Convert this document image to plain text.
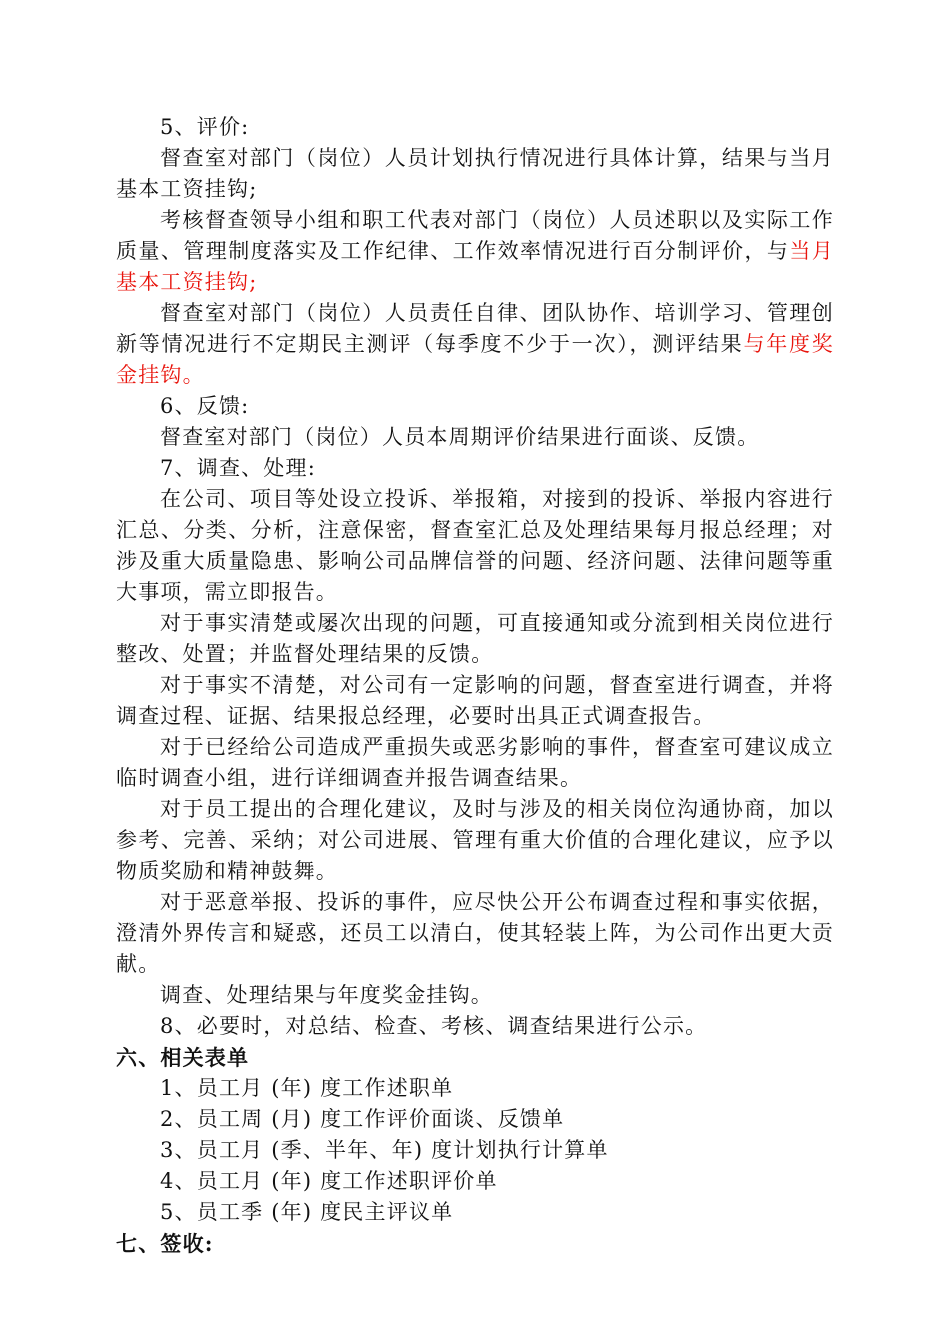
5、评价:

督查室对部门（岗位）人员计划执行情况进行具体计算，结果与当月基本工资挂钩;

考核督查领导小组和职工代表对部门（岗位）人员述职以及实际工作质量、管理制度落实及工作纪律、工作效率情况进行百分制评价，与当月基本工资挂钩;

督查室对部门（岗位）人员责任自律、团队协作、培训学习、管理创新等情况进行不定期民主测评（每季度不少于一次），测评结果与年度奖金挂钩。

6、反馈:

督查室对部门（岗位）人员本周期评价结果进行面谈、反馈。

7、调查、处理:

在公司、项目等处设立投诉、举报箱，对接到的投诉、举报内容进行汇总、分类、分析，注意保密，督查室汇总及处理结果每月报总经理；对涉及重大质量隐患、影响公司品牌信誉的问题、经济问题、法律问题等重大事项，需立即报告。

对于事实清楚或屡次出现的问题，可直接通知或分流到相关岗位进行整改、处置；并监督处理结果的反馈。

对于事实不清楚，对公司有一定影响的问题，督查室进行调查，并将调查过程、证据、结果报总经理，必要时出具正式调查报告。

对于已经给公司造成严重损失或恶劣影响的事件，督查室可建议成立临时调查小组，进行详细调查并报告调查结果。

对于员工提出的合理化建议，及时与涉及的相关岗位沟通协商，加以参考、完善、采纳；对公司进展、管理有重大价值的合理化建议，应予以物质奖励和精神鼓舞。

对于恶意举报、投诉的事件，应尽快公开公布调查过程和事实依据，澄清外界传言和疑惑，还员工以清白，使其轻装上阵，为公司作出更大贡献。

调查、处理结果与年度奖金挂钩。

8、必要时，对总结、检查、考核、调查结果进行公示。

六、相关表单

1、员工月 (年) 度工作述职单

2、员工周 (月) 度工作评价面谈、反馈单

3、员工月 (季、半年、年) 度计划执行计算单

4、员工月 (年) 度工作述职评价单

5、员工季 (年) 度民主评议单

七、签收:
